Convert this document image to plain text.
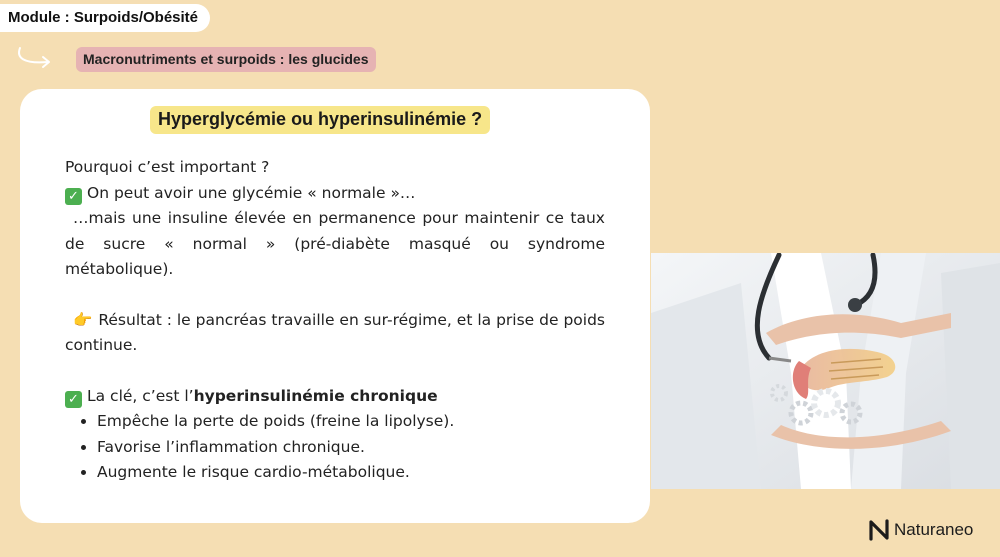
Module : Surpoids/Obésité
Macronutriments et surpoids : les glucides
Hyperglycémie ou hyperinsulinémie ?

Pourquoi c’est important ?

✓ On peut avoir une glycémie « normale »…

…mais une insuline élevée en permanence pour maintenir ce taux de sucre « normal » (pré-diabète masqué ou syndrome métabolique).

👉 Résultat : le pancréas travaille en sur-régime, et la prise de poids continue.

✓ La clé, c’est l’hyperinsulinémie chronique

• Empêche la perte de poids (freine la lipolyse).
• Favorise l’inflammation chronique.
• Augmente le risque cardio-métabolique.
Naturaneo
